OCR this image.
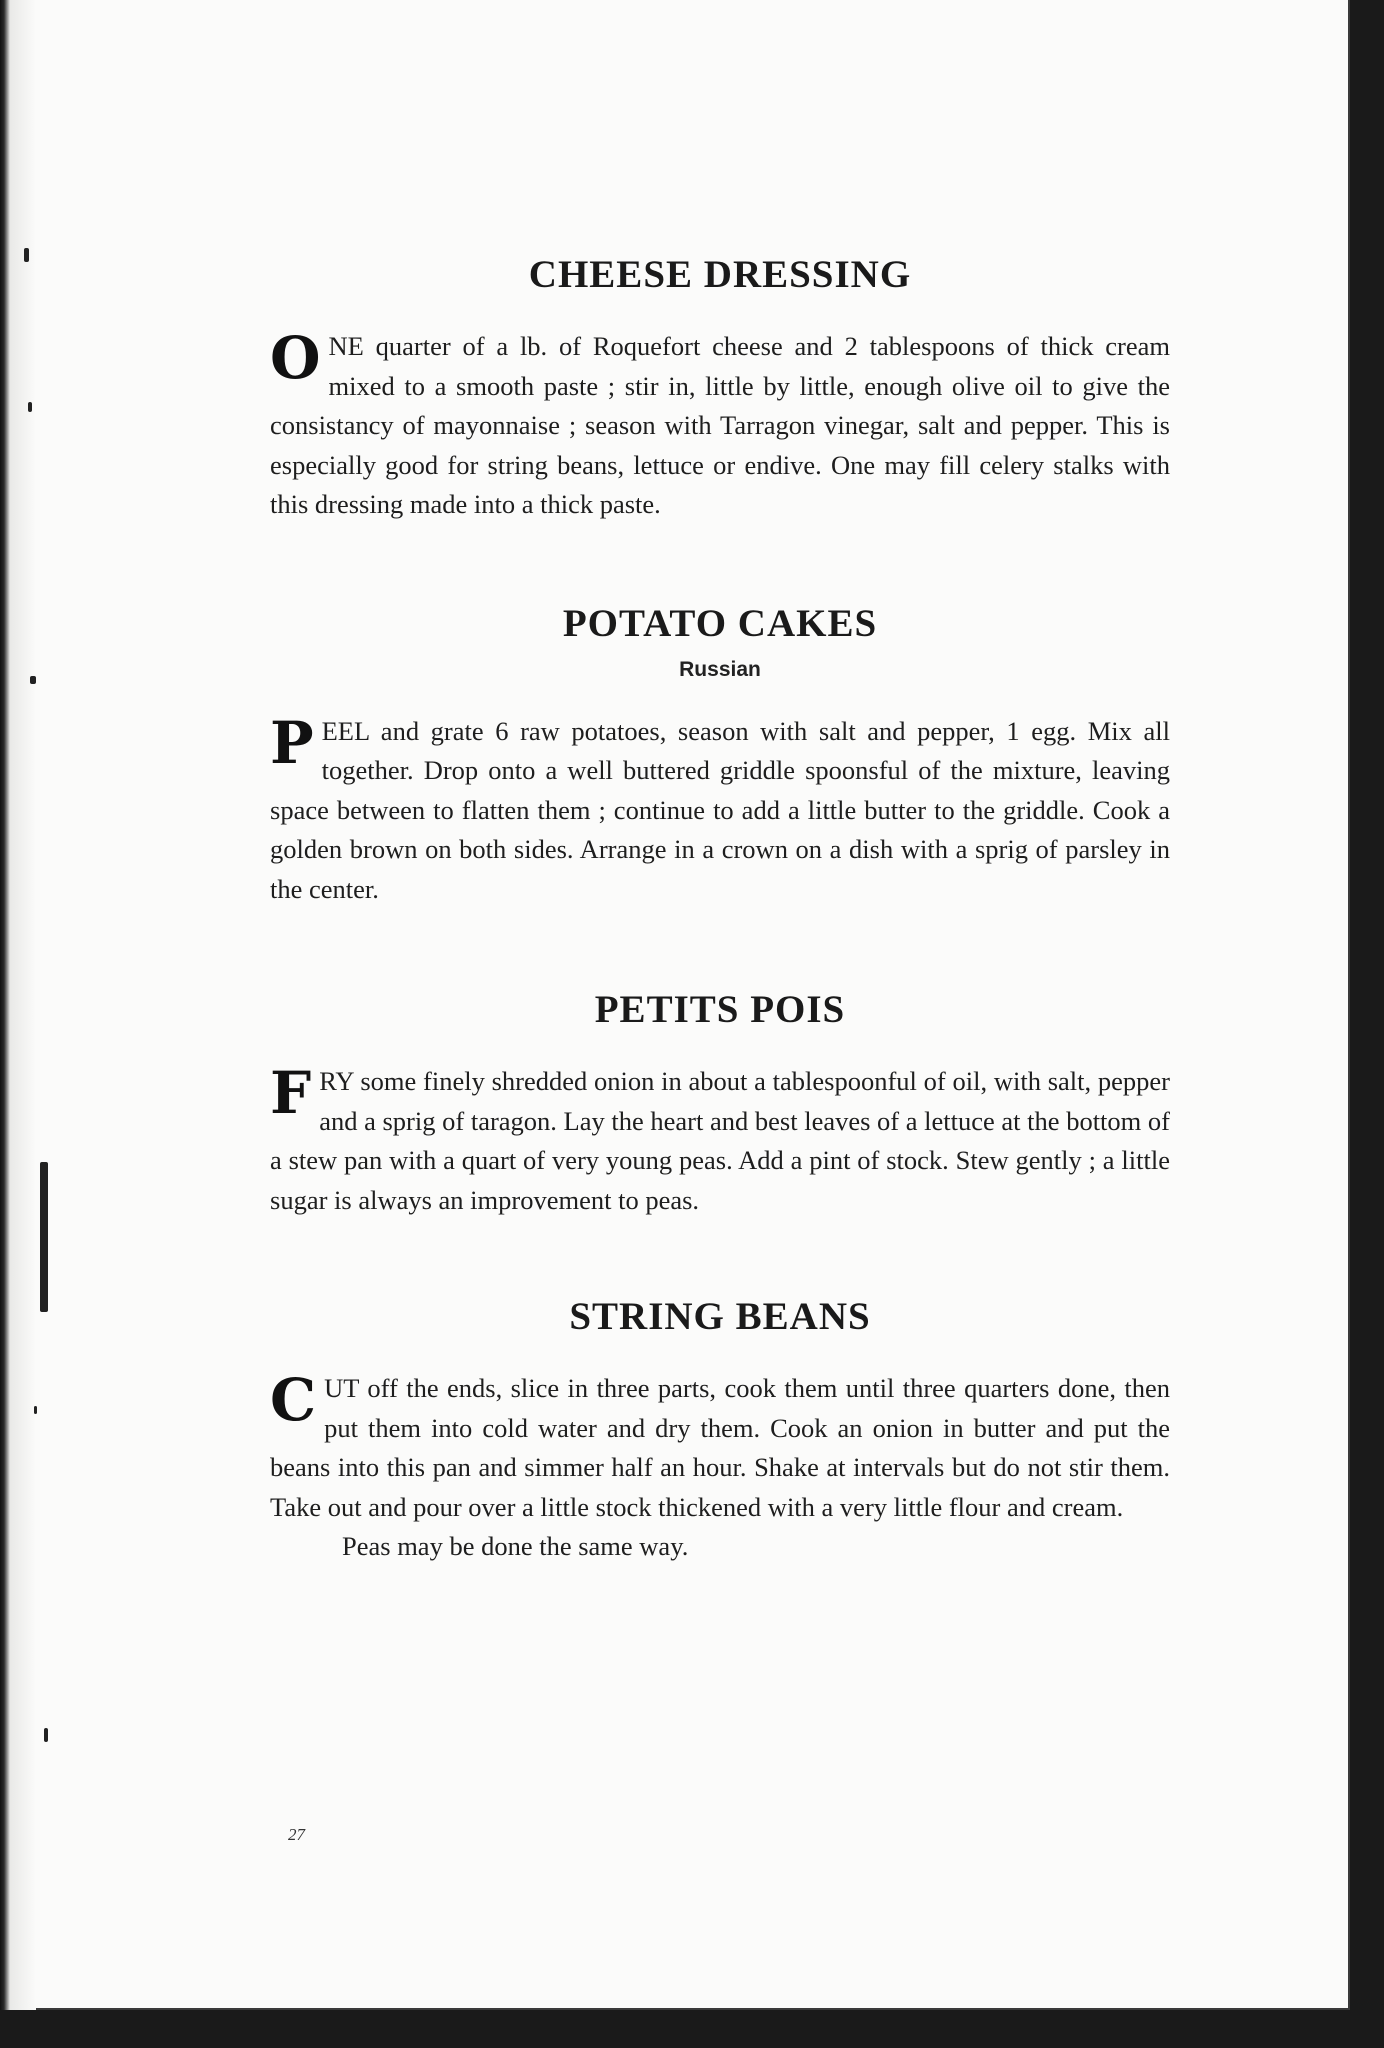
CHEESE DRESSING

ONE quarter of a lb. of Roquefort cheese and 2 tablespoons of thick cream mixed to a smooth paste ; stir in, little by little, enough olive oil to give the consistancy of mayonnaise ; season with Tarragon vinegar, salt and pepper. This is especially good for string beans, lettuce or endive. One may fill celery stalks with this dressing made into a thick paste.

POTATO CAKES
Russian

PEEL and grate 6 raw potatoes, season with salt and pepper, 1 egg. Mix all together. Drop onto a well buttered griddle spoonsful of the mixture, leaving space between to flatten them ; continue to add a little butter to the griddle. Cook a golden brown on both sides. Arrange in a crown on a dish with a sprig of parsley in the center.

PETITS POIS

FRY some finely shredded onion in about a tablespoonful of oil, with salt, pepper and a sprig of taragon. Lay the heart and best leaves of a lettuce at the bottom of a stew pan with a quart of very young peas. Add a pint of stock. Stew gently ; a little sugar is always an improvement to peas.

STRING BEANS

CUT off the ends, slice in three parts, cook them until three quarters done, then put them into cold water and dry them. Cook an onion in butter and put the beans into this pan and simmer half an hour. Shake at intervals but do not stir them. Take out and pour over a little stock thickened with a very little flour and cream.

Peas may be done the same way.

27
